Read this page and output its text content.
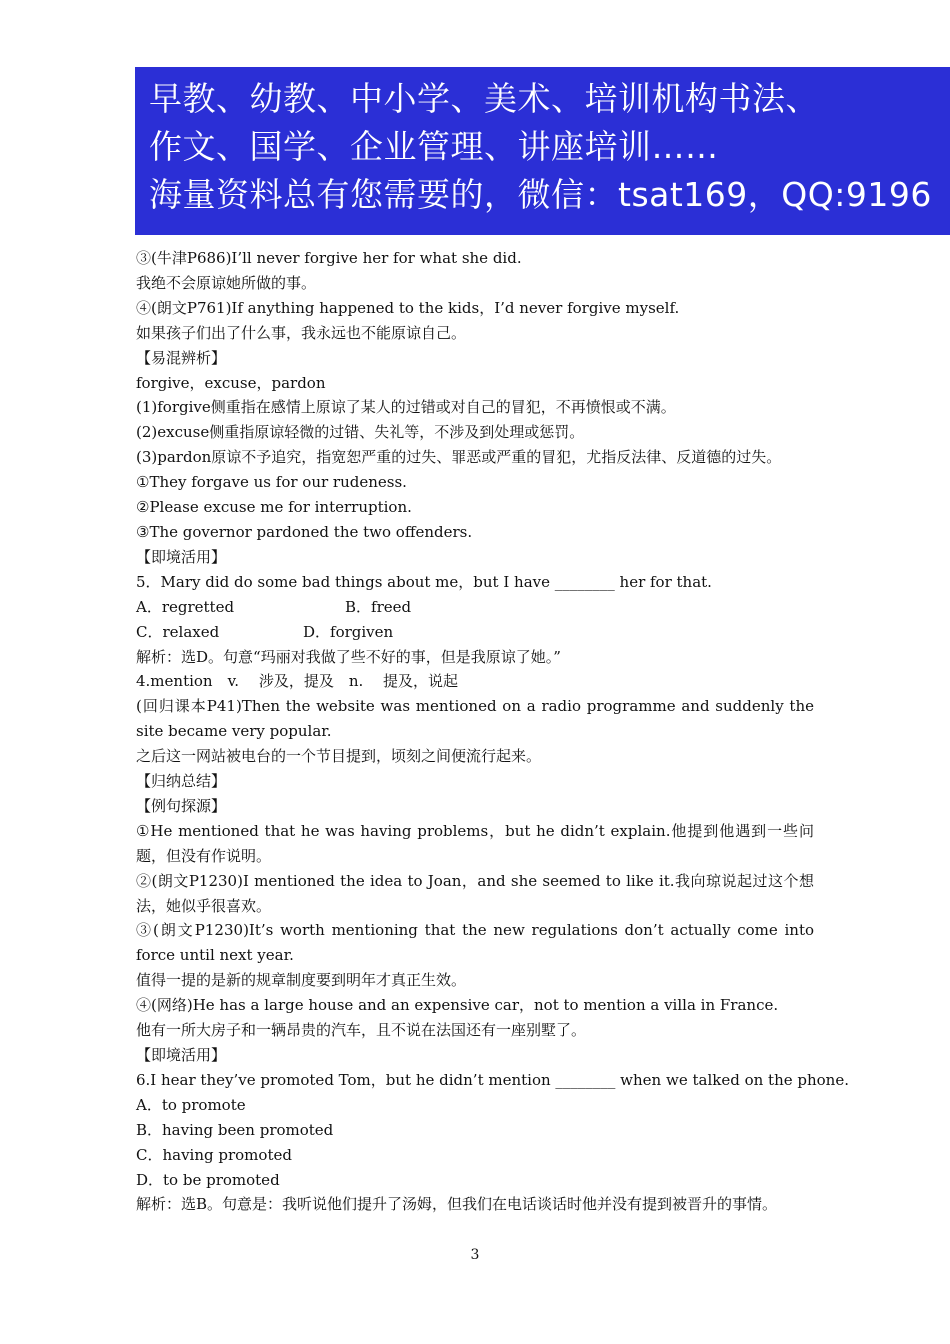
早教、幼教、中小学、美术、培训机构书法、
作文、国学、企业管理、讲座培训……
海量资料总有您需要的，微信：tsat169，QQ:9196

③(牛津P686)I’ll never forgive her for what she did.

我绝不会原谅她所做的事。

④(朗文P761)If anything happened to the kids，I’d never forgive myself.

如果孩子们出了什么事，我永远也不能原谅自己。

【易混辨析】

forgive，excuse，pardon

(1)forgive侧重指在感情上原谅了某人的过错或对自己的冒犯，不再愤恨或不满。

(2)excuse侧重指原谅轻微的过错、失礼等，不涉及到处理或惩罚。

(3)pardon原谅不予追究，指宽恕严重的过失、罪恶或严重的冒犯，尤指反法律、反道德的过失。

①They forgave us for our rudeness.

②Please excuse me for interruption.

③The governor pardoned the two offenders.

【即境活用】

5．Mary did do some bad things about me，but I have ________ her for that.

A．regretted	B．freed

C．relaxed	D．forgiven

解析：选D。句意“玛丽对我做了些不好的事，但是我原谅了她。”

4.mention　v.　 涉及，提及　n.　 提及，说起

(回归课本P41)Then the website was mentioned on a radio programme and suddenly the site became very popular.

之后这一网站被电台的一个节目提到，顷刻之间便流行起来。

【归纳总结】

【例句探源】

①He mentioned that he was having problems，but he didn’t explain.他提到他遇到一些问题，但没有作说明。

②(朗文P1230)I mentioned the idea to Joan，and she seemed to like it.我向琼说起过这个想法，她似乎很喜欢。

③(朗文P1230)It’s worth mentioning that the new regulations don’t actually come into force until next year.

值得一提的是新的规章制度要到明年才真正生效。

④(网络)He has a large house and an expensive car，not to mention a villa in France.

他有一所大房子和一辆昂贵的汽车，且不说在法国还有一座别墅了。

【即境活用】

6.I hear they’ve promoted Tom，but he didn’t mention ________ when we talked on the phone.

A．to promote

B．having been promoted

C．having promoted

D．to be promoted

解析：选B。句意是：我听说他们提升了汤姆，但我们在电话谈话时他并没有提到被晋升的事情。

3
